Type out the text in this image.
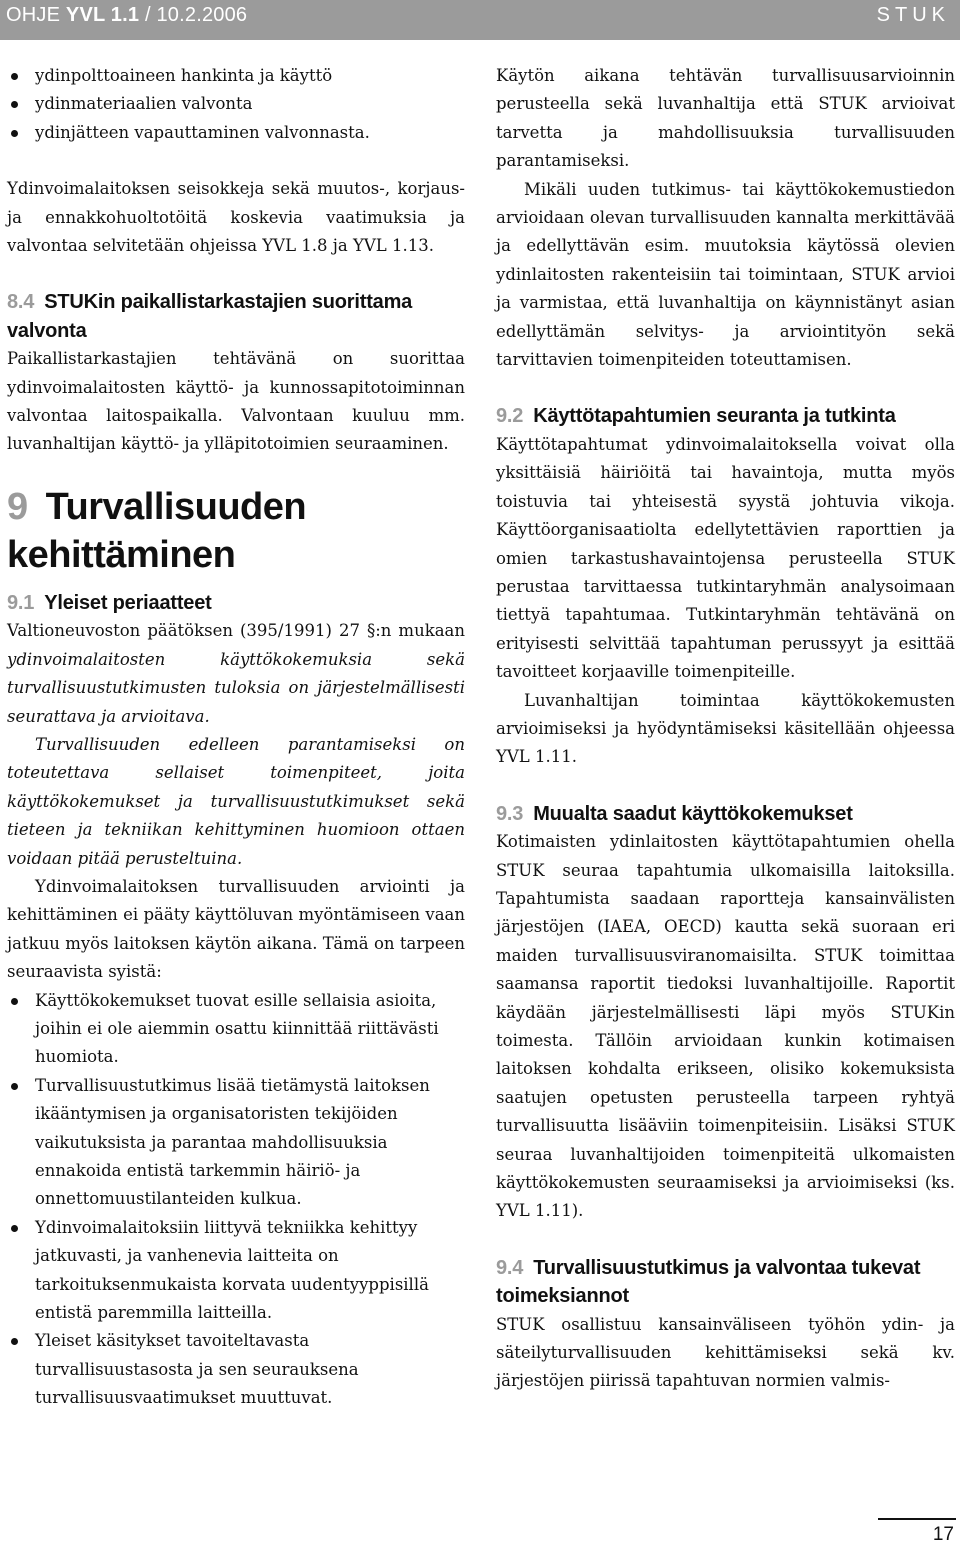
OHJE YVL 1.1 / 10.2.2006	STUK
ydinpolttoaineen hankinta ja käyttö
ydinmateriaalien valvonta
ydinjätteen vapauttaminen valvonnasta.

Ydinvoimalaitoksen seisokkeja sekä muutos-, korjaus- ja ennakkohuoltotöitä koskevia vaatimuksia ja valvontaa selvitetään ohjeissa YVL 1.8 ja YVL 1.13.

8.4 STUKin paikallistarkastajien suorittama valvonta

Paikallistarkastajien tehtävänä on suorittaa ydinvoimalaitosten käyttö- ja kunnossapitotoiminnan valvontaa laitospaikalla. Valvontaan kuuluu mm. luvanhaltijan käyttö- ja ylläpitotoimien seuraaminen.

9 Turvallisuuden kehittäminen
9.1 Yleiset periaatteet

Valtioneuvoston päätöksen (395/1991) 27 §:n mukaan ydinvoimalaitosten käyttökokemuksia sekä turvallisuustutkimusten tuloksia on järjestelmällisesti seurattava ja arvioitava.

Turvallisuuden edelleen parantamiseksi on toteutettava sellaiset toimenpiteet, joita käyttökokemukset ja turvallisuustutkimukset sekä tieteen ja tekniikan kehittyminen huomioon ottaen voidaan pitää perusteltuina.

Ydinvoimalaitoksen turvallisuuden arviointi ja kehittäminen ei pääty käyttöluvan myöntämiseen vaan jatkuu myös laitoksen käytön aikana. Tämä on tarpeen seuraavista syistä:

Käyttökokemukset tuovat esille sellaisia asioita, joihin ei ole aiemmin osattu kiinnittää riittävästi huomiota.
Turvallisuustutkimus lisää tietämystä laitoksen ikääntymisen ja organisatoristen tekijöiden vaikutuksista ja parantaa mahdollisuuksia ennakoida entistä tarkemmin häiriö- ja onnettomuustilanteiden kulkua.
Ydinvoimalaitoksiin liittyvä tekniikka kehittyy jatkuvasti, ja vanhenevia laitteita on tarkoituksenmukaista korvata uudentyyppisillä entistä paremmilla laitteilla.
Yleiset käsitykset tavoiteltavasta turvallisuustasosta ja sen seurauksena turvallisuusvaatimukset muuttuvat.

Käytön aikana tehtävän turvallisuusarvioinnin perusteella sekä luvanhaltija että STUK arvioivat tarvetta ja mahdollisuuksia turvallisuuden parantamiseksi.

Mikäli uuden tutkimus- tai käyttökokemustiedon arvioidaan olevan turvallisuuden kannalta merkittävää ja edellyttävän esim. muutoksia käytössä olevien ydinlaitosten rakenteisiin tai toimintaan, STUK arvioi ja varmistaa, että luvanhaltija on käynnistänyt asian edellyttämän selvitys- ja arviointityön sekä tarvittavien toimenpiteiden toteuttamisen.

9.2 Käyttötapahtumien seuranta ja tutkinta

Käyttötapahtumat ydinvoimalaitoksella voivat olla yksittäisiä häiriöitä tai havaintoja, mutta myös toistuvia tai yhteisestä syystä johtuvia vikoja. Käyttöorganisaatiolta edellytettävien raporttien ja omien tarkastushavaintojensa perusteella STUK perustaa tarvittaessa tutkintaryhmän analysoimaan tiettyä tapahtumaa. Tutkintaryhmän tehtävänä on erityisesti selvittää tapahtuman perussyyt ja esittää tavoitteet korjaaville toimenpiteille.

Luvanhaltijan toimintaa käyttökokemusten arvioimiseksi ja hyödyntämiseksi käsitellään ohjeessa YVL 1.11.

9.3 Muualta saadut käyttökokemukset

Kotimaisten ydinlaitosten käyttötapahtumien ohella STUK seuraa tapahtumia ulkomaisilla laitoksilla. Tapahtumista saadaan raportteja kansainvälisten järjestöjen (IAEA, OECD) kautta sekä suoraan eri maiden turvallisuusviranomaisilta. STUK toimittaa saamansa raportit tiedoksi luvanhaltijoille. Raportit käydään järjestelmällisesti läpi myös STUKin toimesta. Tällöin arvioidaan kunkin kotimaisen laitoksen kohdalta erikseen, olisiko kokemuksista saatujen opetusten perusteella tarpeen ryhtyä turvallisuutta lisääviin toimenpiteisiin. Lisäksi STUK seuraa luvanhaltijoiden toimenpiteitä ulkomaisten käyttökokemusten seuraamiseksi ja arvioimiseksi (ks. YVL 1.11).

9.4 Turvallisuustutkimus ja valvontaa tukevat toimeksiannot

STUK osallistuu kansainväliseen työhön ydin- ja säteilyturvallisuuden kehittämiseksi sekä kv. järjestöjen piirissä tapahtuvan normien valmis-

17
